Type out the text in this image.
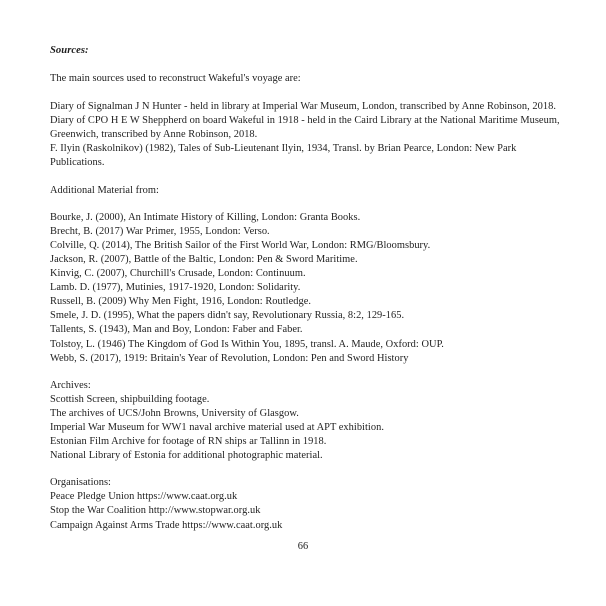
Sources:

The main sources used to reconstruct Wakeful's voyage are:

Diary of Signalman J N Hunter - held in library at Imperial War Museum, London, transcribed by Anne Robinson, 2018.

Diary of CPO H E W Sheppherd on board Wakeful in 1918 - held in the Caird Library at the National Maritime Museum, Greenwich, transcribed by Anne Robinson, 2018.

F. Ilyin (Raskolnikov) (1982), Tales of Sub-Lieutenant Ilyin, 1934, Transl. by Brian Pearce, London: New Park Publications.

Additional Material from:

Bourke, J. (2000), An Intimate History of Killing, London: Granta Books.

Brecht, B. (2017) War Primer, 1955, London: Verso.

Colville, Q. (2014), The British Sailor of the First World War, London: RMG/Bloomsbury.

Jackson, R. (2007), Battle of the Baltic, London: Pen & Sword Maritime.

Kinvig, C. (2007), Churchill's Crusade, London: Continuum.

Lamb. D. (1977), Mutinies, 1917-1920, London: Solidarity.

Russell, B. (2009) Why Men Fight, 1916, London: Routledge.

Smele, J. D. (1995), What the papers didn't say, Revolutionary Russia, 8:2, 129-165.

Tallents, S. (1943), Man and Boy, London: Faber and Faber.

Tolstoy, L. (1946) The Kingdom of God Is Within You, 1895, transl. A. Maude, Oxford: OUP.

Webb, S. (2017), 1919: Britain's Year of Revolution, London: Pen and Sword History

Archives:

Scottish Screen, shipbuilding footage.

The archives of UCS/John Browns, University of Glasgow.

Imperial War Museum for WW1 naval archive material used at APT exhibition.

Estonian Film Archive for footage of RN ships ar Tallinn in 1918.

National Library of Estonia for additional photographic material.

Organisations:

Peace Pledge Union https://www.caat.org.uk

Stop the War Coalition http://www.stopwar.org.uk

Campaign Against Arms Trade https://www.caat.org.uk

66
